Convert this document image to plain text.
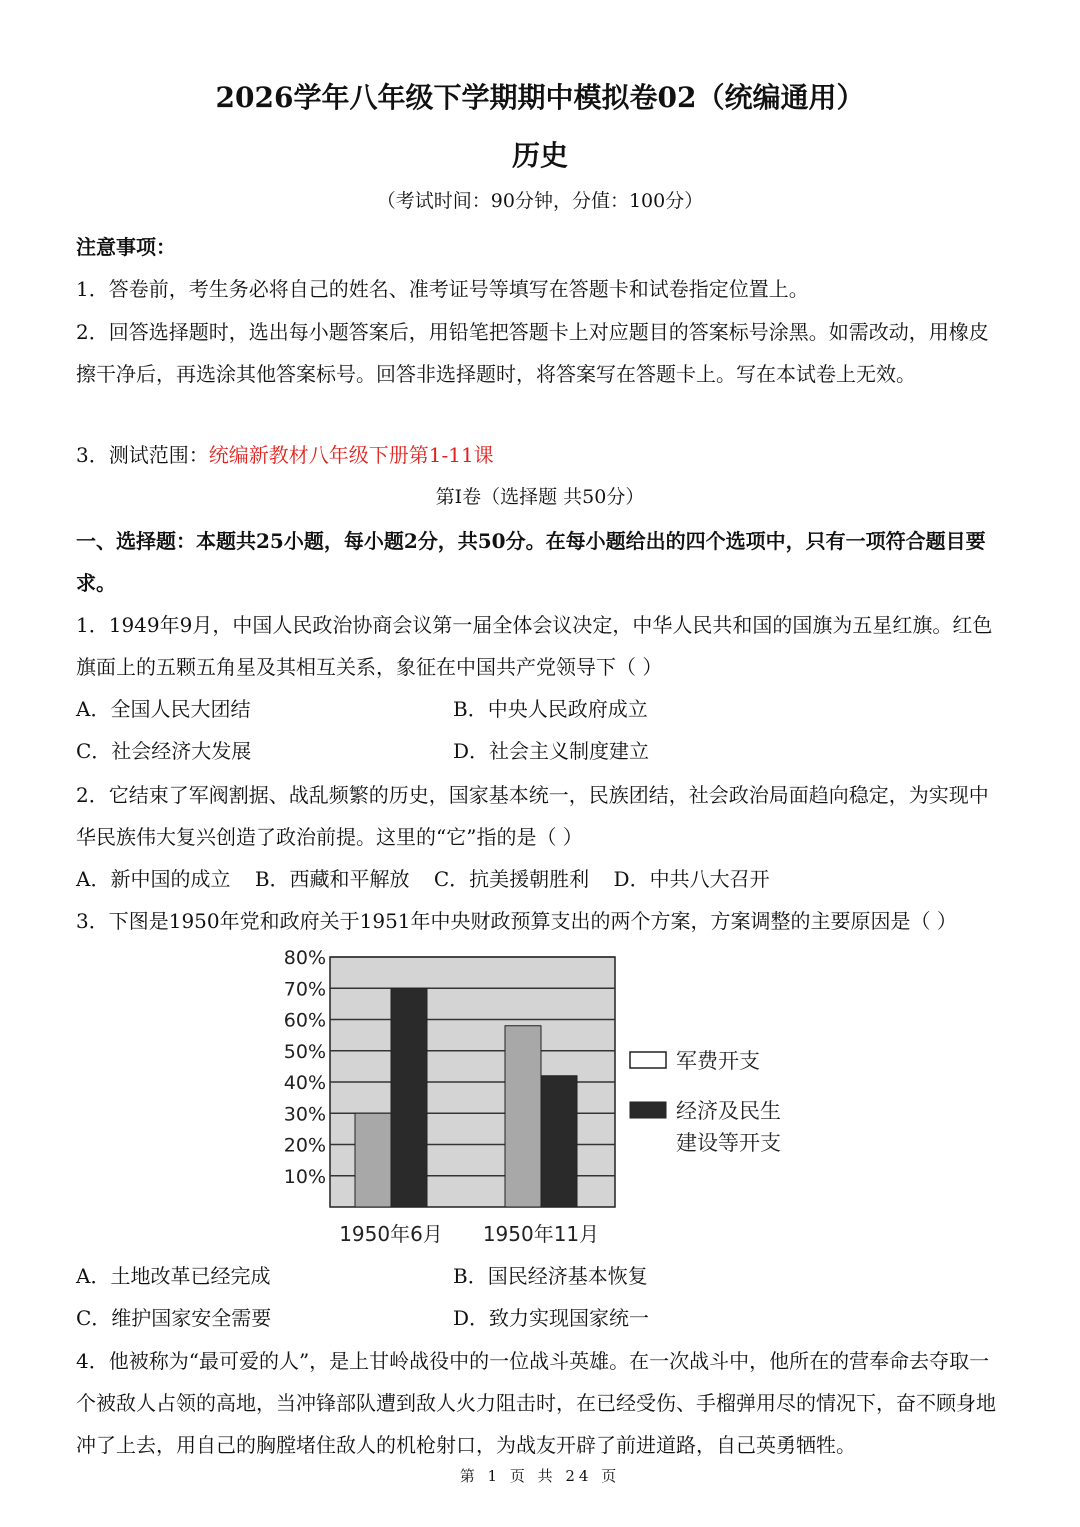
2026学年八年级下学期期中模拟卷02（统编通用）
历史
（考试时间：90分钟，分值：100分）
注意事项：
1．答卷前，考生务必将自己的姓名、准考证号等填写在答题卡和试卷指定位置上。
2．回答选择题时，选出每小题答案后，用铅笔把答题卡上对应题目的答案标号涂黑。如需改动，用橡皮擦干净后，再选涂其他答案标号。回答非选择题时，将答案写在答题卡上。写在本试卷上无效。
3．测试范围：统编新教材八年级下册第1-11课
第Ⅰ卷（选择题 共50分）
一、选择题：本题共25小题，每小题2分，共50分。在每小题给出的四个选项中，只有一项符合题目要求。
1．1949年9月，中国人民政治协商会议第一届全体会议决定，中华人民共和国的国旗为五星红旗。红色旗面上的五颗五角星及其相互关系，象征在中国共产党领导下（ ）
A．全国人民大团结	B．中央人民政府成立
C．社会经济大发展	D．社会主义制度建立
2．它结束了军阀割据、战乱频繁的历史，国家基本统一，民族团结，社会政治局面趋向稳定，为实现中华民族伟大复兴创造了政治前提。这里的“它”指的是（ ）
A．新中国的成立 B．西藏和平解放 C．抗美援朝胜利 D．中共八大召开
3．下图是1950年党和政府关于1951年中央财政预算支出的两个方案，方案调整的主要原因是（ ）
10%
20%
30%
40%
50%
60%
70%
80%
1950年6月 1950年11月
军费开支
经济及民生
建设等开支
A．土地改革已经完成	B．国民经济基本恢复
C．维护国家安全需要	D．致力实现国家统一
4．他被称为“最可爱的人”，是上甘岭战役中的一位战斗英雄。在一次战斗中，他所在的营奉命去夺取一个被敌人占领的高地，当冲锋部队遭到敌人火力阻击时，在已经受伤、手榴弹用尽的情况下，奋不顾身地冲了上去，用自己的胸膛堵住敌人的机枪射口，为战友开辟了前进道路，自己英勇牺牲。
第 1 页 共 24 页
